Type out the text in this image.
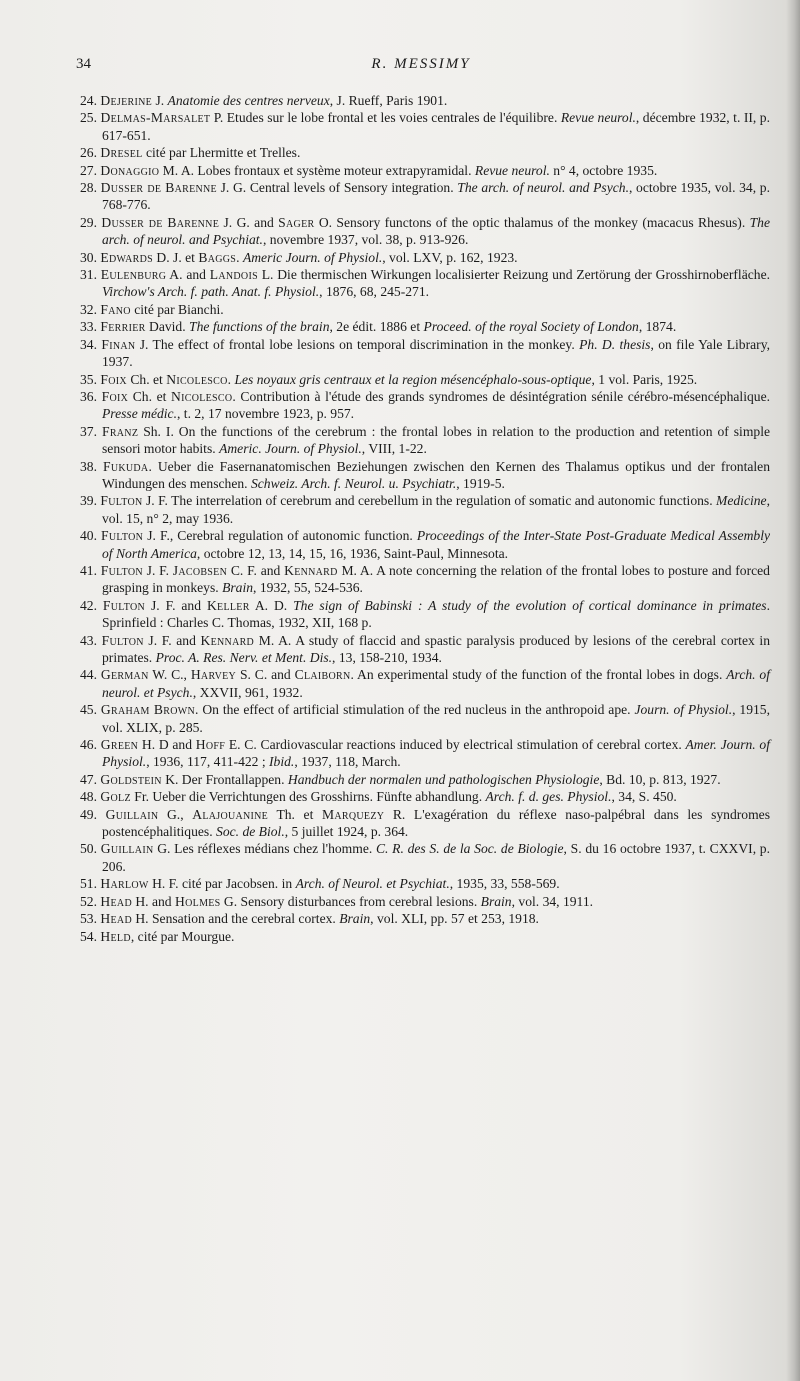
34	R. MESSIMY

24. Dejerine J. Anatomie des centres nerveux, J. Rueff, Paris 1901.

25. Delmas-Marsalet P. Etudes sur le lobe frontal et les voies centrales de l'équilibre. Revue neurol., décembre 1932, t. II, p. 617-651.

26. Dresel cité par Lhermitte et Trelles.

27. Donaggio M. A. Lobes frontaux et système moteur extrapyramidal. Revue neurol. n° 4, octobre 1935.

28. Dusser de Barenne J. G. Central levels of Sensory integration. The arch. of neurol. and Psych., octobre 1935, vol. 34, p. 768-776.

29. Dusser de Barenne J. G. and Sager O. Sensory functons of the optic thalamus of the monkey (macacus Rhesus). The arch. of neurol. and Psychiat., novembre 1937, vol. 38, p. 913-926.

30. Edwards D. J. et Baggs. Americ Journ. of Physiol., vol. LXV, p. 162, 1923.

31. Eulenburg A. and Landois L. Die thermischen Wirkungen localisierter Reizung und Zertörung der Grosshirnoberfläche. Virchow's Arch. f. path. Anat. f. Physiol., 1876, 68, 245-271.

32. Fano cité par Bianchi.

33. Ferrier David. The functions of the brain, 2e édit. 1886 et Proceed. of the royal Society of London, 1874.

34. Finan J. The effect of frontal lobe lesions on temporal discrimination in the monkey. Ph. D. thesis, on file Yale Library, 1937.

35. Foix Ch. et Nicolesco. Les noyaux gris centraux et la region mésencéphalo-sous-optique, 1 vol. Paris, 1925.

36. Foix Ch. et Nicolesco. Contribution à l'étude des grands syndromes de désintégration sénile cérébro-mésencéphalique. Presse médic., t. 2, 17 novembre 1923, p. 957.

37. Franz Sh. I. On the functions of the cerebrum : the frontal lobes in relation to the production and retention of simple sensori motor habits. Americ. Journ. of Physiol., VIII, 1-22.

38. Fukuda. Ueber die Fasernanatomischen Beziehungen zwischen den Kernen des Thalamus optikus und der frontalen Windungen des menschen. Schweiz. Arch. f. Neurol. u. Psychiatr., 1919-5.

39. Fulton J. F. The interrelation of cerebrum and cerebellum in the regulation of somatic and autonomic functions. Medicine, vol. 15, n° 2, may 1936.

40. Fulton J. F., Cerebral regulation of autonomic function. Proceedings of the Inter-State Post-Graduate Medical Assembly of North America, octobre 12, 13, 14, 15, 16, 1936, Saint-Paul, Minnesota.

41. Fulton J. F. Jacobsen C. F. and Kennard M. A. A note concerning the relation of the frontal lobes to posture and forced grasping in monkeys. Brain, 1932, 55, 524-536.

42. Fulton J. F. and Keller A. D. The sign of Babinski : A study of the evolution of cortical dominance in primates. Sprinfield : Charles C. Thomas, 1932, XII, 168 p.

43. Fulton J. F. and Kennard M. A. A study of flaccid and spastic paralysis produced by lesions of the cerebral cortex in primates. Proc. A. Res. Nerv. et Ment. Dis., 13, 158-210, 1934.

44. German W. C., Harvey S. C. and Claiborn. An experimental study of the function of the frontal lobes in dogs. Arch. of neurol. et Psych., XXVII, 961, 1932.

45. Graham Brown. On the effect of artificial stimulation of the red nucleus in the anthropoid ape. Journ. of Physiol., 1915, vol. XLIX, p. 285.

46. Green H. D and Hoff E. C. Cardiovascular reactions induced by electrical stimulation of cerebral cortex. Amer. Journ. of Physiol., 1936, 117, 411-422 ; Ibid., 1937, 118, March.

47. Goldstein K. Der Frontallappen. Handbuch der normalen und pathologischen Physiologie, Bd. 10, p. 813, 1927.

48. Golz Fr. Ueber die Verrichtungen des Grosshirns. Fünfte abhandlung. Arch. f. d. ges. Physiol., 34, S. 450.

49. Guillain G., Alajouanine Th. et Marquezy R. L'exagération du réflexe naso-palpébral dans les syndromes postencéphalitiques. Soc. de Biol., 5 juillet 1924, p. 364.

50. Guillain G. Les réflexes médians chez l'homme. C. R. des S. de la Soc. de Biologie, S. du 16 octobre 1937, t. CXXVI, p. 206.

51. Harlow H. F. cité par Jacobsen. in Arch. of Neurol. et Psychiat., 1935, 33, 558-569.

52. Head H. and Holmes G. Sensory disturbances from cerebral lesions. Brain, vol. 34, 1911.

53. Head H. Sensation and the cerebral cortex. Brain, vol. XLI, pp. 57 et 253, 1918.

54. Held, cité par Mourgue.
